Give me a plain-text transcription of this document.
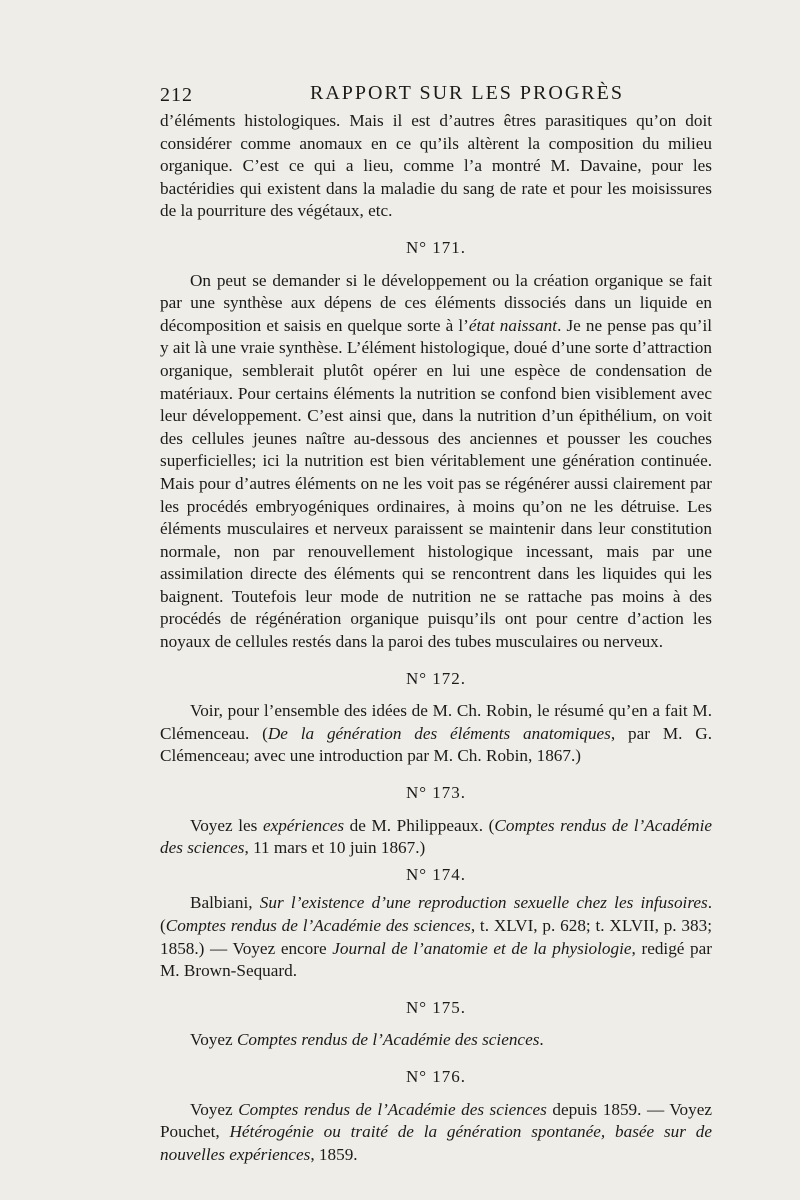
212	RAPPORT SUR LES PROGRÈS

d’éléments histologiques. Mais il est d’autres êtres parasitiques qu’on doit considérer comme anomaux en ce qu’ils altèrent la composition du milieu organique. C’est ce qui a lieu, comme l’a montré M. Davaine, pour les bactéridies qui existent dans la maladie du sang de rate et pour les moisissures de la pourriture des végétaux, etc.

N° 171.

On peut se demander si le développement ou la création organique se fait par une synthèse aux dépens de ces éléments dissociés dans un liquide en décomposition et saisis en quelque sorte à l’état naissant. Je ne pense pas qu’il y ait là une vraie synthèse. L’élément histologique, doué d’une sorte d’attraction organique, semblerait plutôt opérer en lui une espèce de condensation de matériaux. Pour certains éléments la nutrition se confond bien visiblement avec leur développement. C’est ainsi que, dans la nutrition d’un épithélium, on voit des cellules jeunes naître au-dessous des anciennes et pousser les couches superficielles; ici la nutrition est bien véritablement une génération continuée. Mais pour d’autres éléments on ne les voit pas se régénérer aussi clairement par les procédés embryogéniques ordinaires, à moins qu’on ne les détruise. Les éléments musculaires et nerveux paraissent se maintenir dans leur constitution normale, non par renouvellement histologique incessant, mais par une assimilation directe des éléments qui se rencontrent dans les liquides qui les baignent. Toutefois leur mode de nutrition ne se rattache pas moins à des procédés de régénération organique puisqu’ils ont pour centre d’action les noyaux de cellules restés dans la paroi des tubes musculaires ou nerveux.

N° 172.

Voir, pour l’ensemble des idées de M. Ch. Robin, le résumé qu’en a fait M. Clémenceau. (De la génération des éléments anatomiques, par M. G. Clémenceau; avec une introduction par M. Ch. Robin, 1867.)

N° 173.

Voyez les expériences de M. Philippeaux. (Comptes rendus de l’Académie des sciences, 11 mars et 10 juin 1867.)

N° 174.

Balbiani, Sur l’existence d’une reproduction sexuelle chez les infusoires. (Comptes rendus de l’Académie des sciences, t. XLVI, p. 628; t. XLVII, p. 383; 1858.) — Voyez encore Journal de l’anatomie et de la physiologie, redigé par M. Brown-Sequard.

N° 175.

Voyez Comptes rendus de l’Académie des sciences.

N° 176.

Voyez Comptes rendus de l’Académie des sciences depuis 1859. — Voyez Pouchet, Hétérogénie ou traité de la génération spontanée, basée sur de nouvelles expériences, 1859.
